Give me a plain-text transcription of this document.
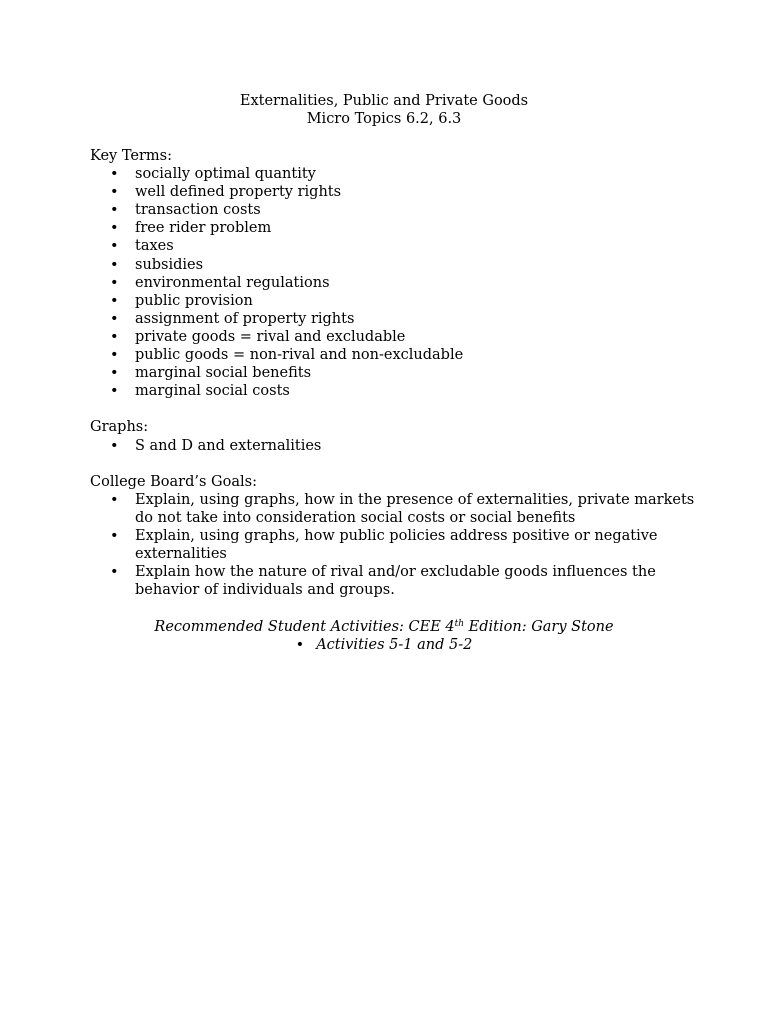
Externalities, Public and Private Goods
Micro Topics 6.2, 6.3
Key Terms:
• socially optimal quantity
• well defined property rights
• transaction costs
• free rider problem
• taxes
• subsidies
• environmental regulations
• public provision
• assignment of property rights
• private goods = rival and excludable
• public goods = non-rival and non-excludable
• marginal social benefits
• marginal social costs
Graphs:
• S and D and externalities
College Board’s Goals:
• Explain, using graphs, how in the presence of externalities, private markets do not take into consideration social costs or social benefits
• Explain, using graphs, how public policies address positive or negative externalities
• Explain how the nature of rival and/or excludable goods influences the behavior of individuals and groups.
Recommended Student Activities: CEE 4th Edition: Gary Stone
• Activities 5-1 and 5-2
